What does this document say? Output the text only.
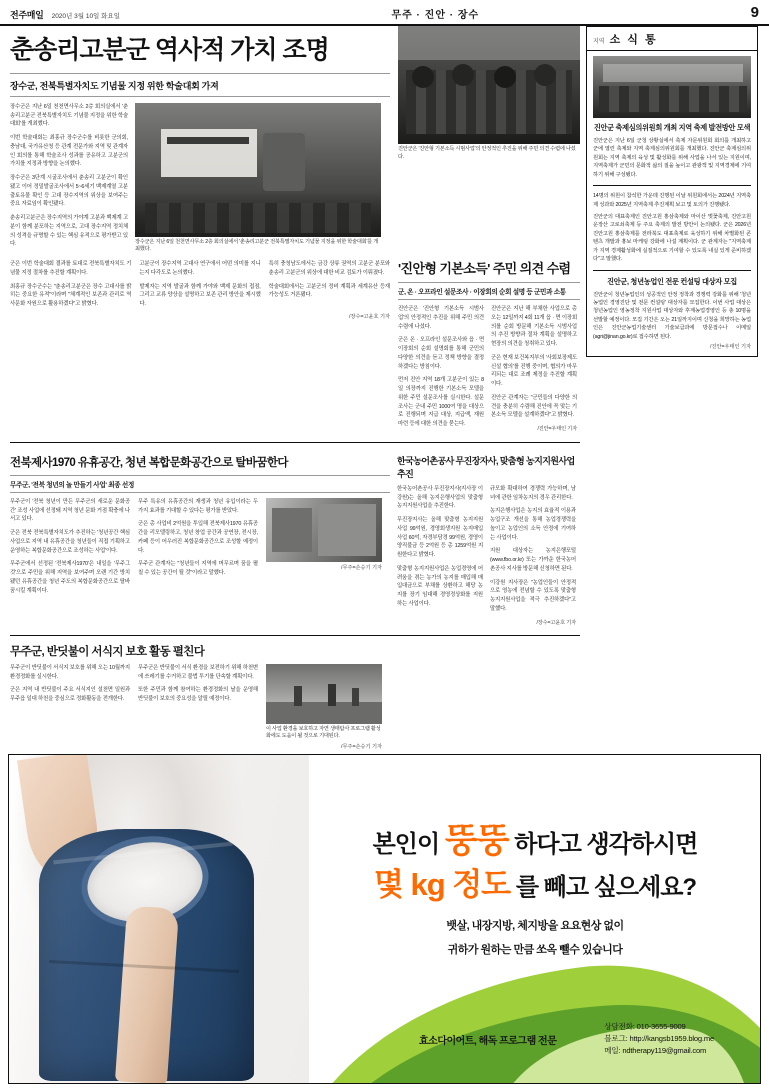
전주매일 2020년 3월 10일 화요일	무주 · 진안 · 장수	9
춘송리고분군 역사적 가치 조명
장수군, 전북특별자치도 기념물 지정 위한 학술대회 가져

장수군은 지난 6일 천천면사무소 2층 회의실에서 '춘송리고분군 전북특별자치도 기념물 지정을 위한 학술대회'를 개최했다.

이번 학술대회는 최홍규 장수군수를 비롯한 군의회, 충남대, 국가유산청 등 관계 전문가와 지역 및 관계자인 회의를 통해 학술조사 성과를 공유하고 고분군의 가치를 지정과 방향을 논의했다.

장수군은 3단계 시굴조사에서 춘송리 고분군이 확인됐고 이어 정밀발굴조사에서 5~6세기 백제계열 고분 출토유물 확인 등 고대 장수지역의 위상을 보여주는 중요 자료임이 확인됐다.

춘송리고분군은 장수지역의 가야계 고분과 백제계 고분이 함께 분포하는 지역으로, 고대 장수지역 정치체의 성격을 규명할 수 있는 핵심 유적으로 평가받고 있다.	장수군은 지난 6일 천천면사무소 2층 회의실에서 '춘송리고분군 전북특별자치도 기념물 지정을 위한 학술대회'를 개최했다.
진안군은 '진안형 기본소득 시범사업'의 안정적인 추진을 위해 주민 의견 수렴에 나섰다.

군은 이번 학술대회 결과를 토대로 전북특별자치도 기념물 지정 절차를 추진할 계획이다.

최홍규 장수군수는 "춘송리고분군은 장수 고대사를 밝히는 중요한 유적"이라며 "체계적인 보존과 관리로 역사문화 자원으로 활용하겠다"고 밝혔다.

고분군이 장수지역 고대사 연구에서 어떤 의미를 지니는지 다각도로 논의했다.

발제자는 지역 발굴과 함께 가야와 백제 문화의 접점, 그리고 교류 양상을 설명하고 보존 관리 방안을 제시했다.

특히 충청남도에서는 금강 상류 권역의 고분군 분포와 춘송리 고분군의 위상에 대한 비교 검토가 이뤄졌다.

학술대회에서는 고분군의 정비 계획과 세계유산 등재 가능성도 거론됐다.

/장수=고윤호 기자
'진안형 기본소득' 주민 의견 수렴
군, 온 · 오프라인 설문조사 · 이장회의 순회 설명 등 군민과 소통

진안군은 '진안형 기본소득 시범사업'의 안정적인 추진을 위해 주민 의견 수렴에 나섰다.

군은 온 · 오프라인 설문조사와 읍 · 면 이장회의 순회 설명회를 통해 군민의 다양한 의견을 듣고 정책 방향을 결정하겠다는 방침이다.

먼저 진안 지역 18개 고분군이 있는 8일 의장까지 진행한 기본소득 모델을 위한 주민 설문조사를 실시한다. 설문조사는 군내 주민 1000여 명을 대상으로 진행되며 지급 대상, 지급액, 재원 마련 등에 대한 의견을 묻는다.

진안군은 지난 해 부채한 사업으로 총 오는 12일까지 4회 11개 읍 · 면 이장회의를 순회 방문해 기본소득 시범사업의 추진 방향과 절차 계획을 설명하고 현장의 의견을 청취하고 있다.

군은 현재 보건복지부의 '사회보장제도 신설 협의'를 진행 중이며, 협의가 마무리되는 대로 조례 제정을 추진할 계획이다.

진안군 관계자는 "군민들의 다양한 의견을 충분히 수렴해 진안에 꼭 맞는 기본소득 모델을 설계하겠다"고 밝혔다.

/진안=우태인 기자
전북제사1970 유휴공간, 청년 복합문화공간으로 탈바꿈한다
무주군, '전북 청년의 놀 만들기 사업' 최종 선정

무주군이 '전북 청년이 만든 무주군의 새로운 문화공간' 조성 사업에 선정돼 지역 청년 문화 거점 확충에 나서고 있다.

군은 전북 전북특별자치도가 추진하는 '청년공간 핵심 사업으로 지역 내 유휴공간을 청년들이 직접 기획하고 운영하는 복합문화공간으로 조성하는 사업'이다.

무주군에서 선정된 '전북제사1970'은 내일을 '무주그 것'으로 주민을 위해 지역을 보여주며 오랜 기간 방치됐던 유휴공간을 청년 주도의 복합문화공간으로 탈바꿈시킬 계획이다.

무주 특유의 유휴공간의 재생과 청년 유입이라는 두 가지 효과를 기대할 수 있다는 평가를 받았다.

군은 총 사업비 2억원을 투입해 전북제사1970 유휴공간을 리모델링하고, 청년 창업 공간과 공연장, 전시장, 카페 등이 어우러진 복합문화공간으로 조성할 예정이다.

무주군 관계자는 "청년들이 지역에 머무르며 꿈을 펼칠 수 있는 공간이 될 것"이라고 말했다.

/무주=손승기 기자
한국농어촌공사 무진장자사, 맞춤형 농지지원사업 추진

한국농어촌공사 무진장지사(지사장 이강원)는 올해 농지은행사업의 맞춤형 농지지원사업을 추진한다.

무진장지사는 올해 맞춤형 농지지원 사업 99억원, 경영회생지원 농지매입사업 60억, 자경부담경 99억원, 경영이양직불금 등 2억원 등 총 1259억원 지원한다고 밝혔다.

맞춤형 농지지원사업은 농업경영에 어려움을 겪는 농가의 농지를 매입해 매입대금으로 부채를 상환하고 해당 농지를 장기 임대해 경영정상화를 지원하는 사업이다.

규모화 확대하여 경쟁력 가능하며, 남녀에 관한 임차농지의 경우 관리한다.

농지은행사업은 농지의 효율적 이용과 농업구조 개선을 통해 농업경쟁력을 높이고 농업인의 소득 안정에 기여하는 사업이다.

지원 대상자는 농지은행포털(www.fbo.or.kr) 또는 가까운 한국농어촌공사 지사를 방문해 신청하면 된다.

이강원 지사장은 "농업인들이 안정적으로 영농에 전념할 수 있도록 맞춤형 농지지원사업을 적극 추진하겠다"고 말했다.

/장수=고윤호 기자
무주군, 반딧불이 서식지 보호 활동 펼친다

무주군이 반딧불이 서식지 보호를 위해 오는 10월까지 환경정화를 실시한다.

군은 지역 내 반딧불이 주요 서식지인 설천면 일원과 무주읍 일대 하천을 중심으로 정화활동을 전개한다.

무주군은 반딧불이 서식 환경을 보전하기 위해 하천변에 쓰레기를 수거하고 불법 투기를 단속할 계획이다.

또한 주민과 함께 참여하는 환경정화의 날을 운영해 반딧불이 보호의 중요성을 알릴 예정이다.

이 사업 환경을 보호하고 자연 생태탐사 프로그램 활성화에도 도움이 될 것으로 기대된다.
/무주=손승기 기자
지역 소 식 통
진안군 축제심의위원회 개최 지역 축제 발전방안 모색
진안군은 지난 6일 군청 상황실에서 축제 자문위원회 회의를 개최하고 군에 열린 축제와 지역 축제심의위원회를 개최했다. 진안군 축제심의위원회는 지역 축제의 육성 및 활성화를 위해 사업을 나서 있는 지원이며, 지역축제가 군민의 문화적 삶의 질을 높이고 관광객 및 지역경제에 기여하기 위해 구성됐다.
14명의 위원이 참석한 가운데 진행된 이날 위원회에서는 2024년 지역축제 성과와 2025년 지역축제 추진계획 보고 및 토의가 진행됐다.
진안군의 대표축제인 진안고원 홍삼축제와 마이산 벚꽃축제, 진안고원 운장산 고로쇠축제 등 주요 축제의 발전 방안이 논의됐다. 군은 2026년 진안고원 홍삼축제를 전라북도 대표축제로 육성하기 위해 차별화된 콘텐츠 개발과 홍보 마케팅 강화에 나설 계획이다. 군 관계자는 "지역축제가 지역 경제활성화에 실질적으로 기여할 수 있도록 내실 있게 준비하겠다"고 말했다.
진안군, 청년농업인 전문 컨설팅 대상자 모집
진안군이 청년농업인의 성공적인 안정 정착과 경쟁력 강화를 위해 '청년농업인 경영진단 및 전문 컨설팅' 대상자를 모집한다. 이번 사업 대상은 청년농업인 영농정착 지원사업 대상자와 후계농업경영인 등 총 10명을 선발할 예정이다. 모집 기간은 오는 21일까지이며 신청을 희망하는 농업인은 진안군농업기술센터 기술보급과에 방문접수나 이메일(agri@jinan.go.kr)로 접수하면 된다.
/진안=우태인 기자
본인이 뚱뚱 하다고 생각하시면
몇 kg 정도 를 빼고 싶으세요?
뱃살, 내장지방, 체지방을 요요현상 없이
귀하가 원하는 만큼 쏘옥 뺄수 있습니다
효소다이어트, 해독 프로그램 전문
상담전화: 010-3655-9009
블로그: http://kangsb1959.blog.me
메일: ndtherapy119@gmail.com
